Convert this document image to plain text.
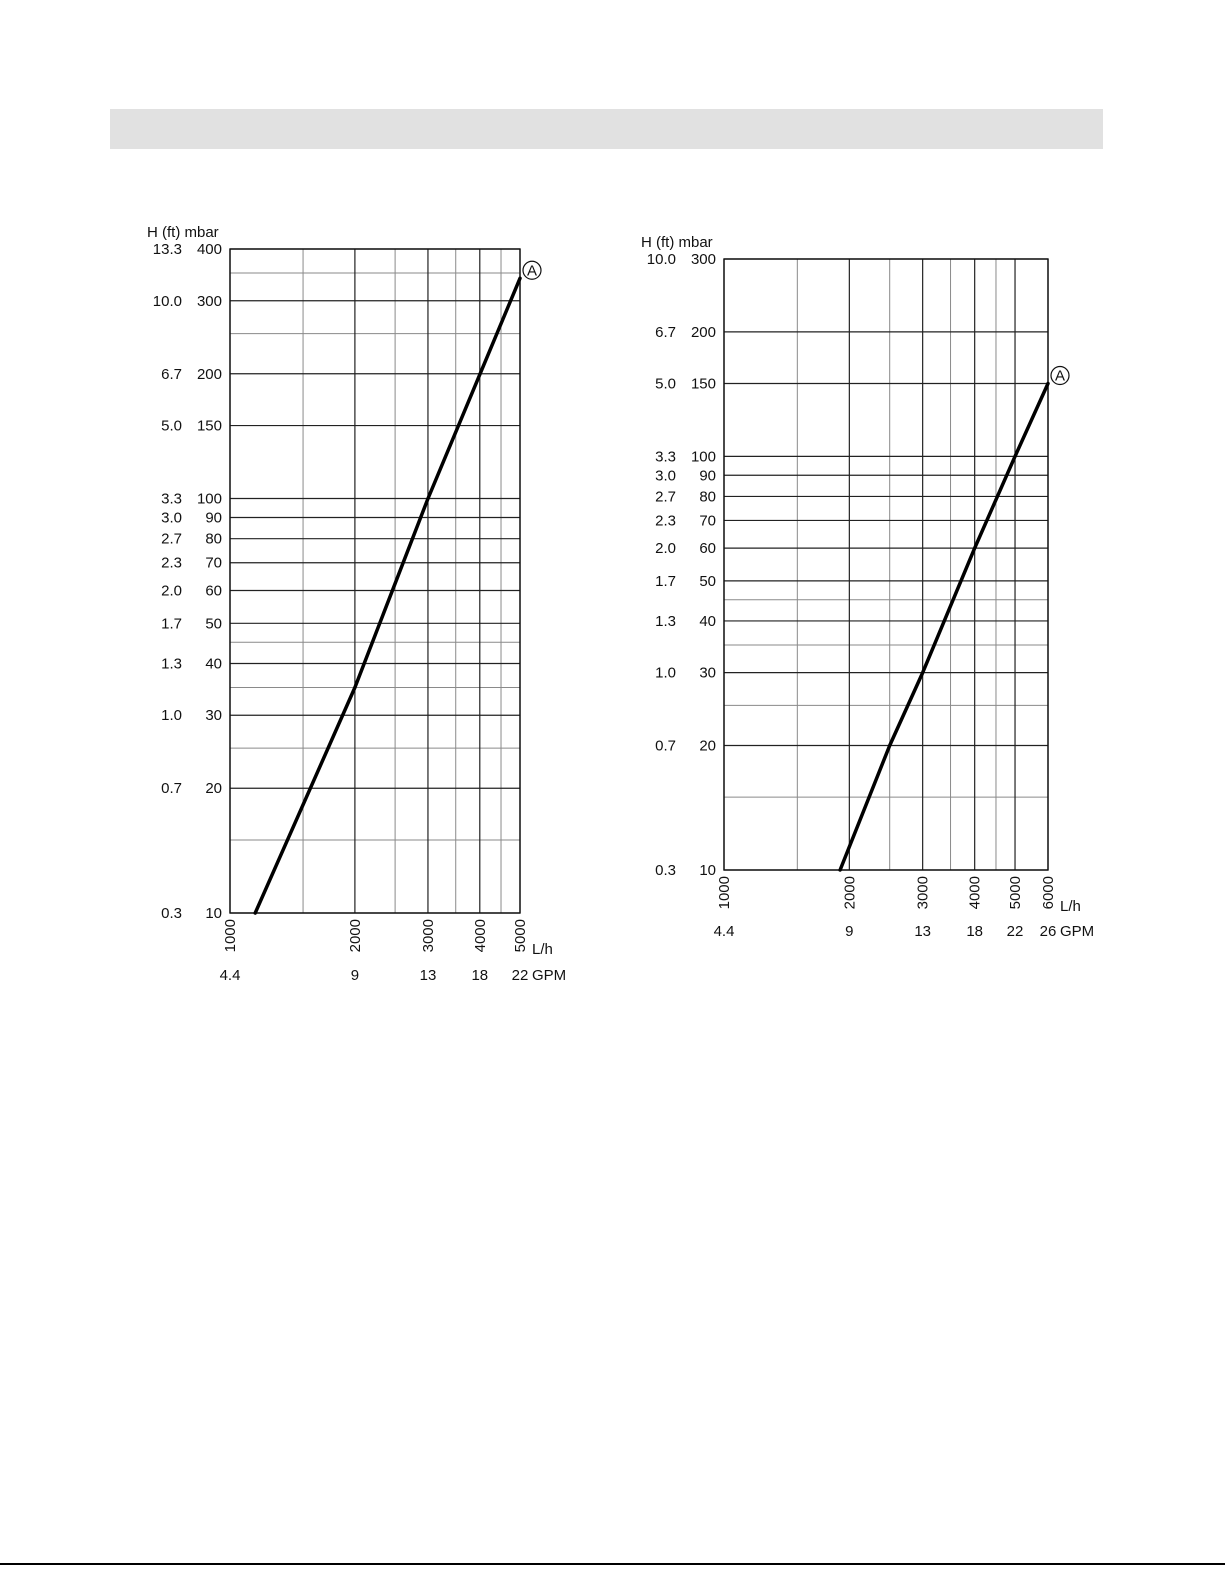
10
0.3
20
0.7
30
1.0
40
1.3
50
1.7
60
2.0
70
2.3
80
2.7
90
3.0
100
3.3
150
5.0
200
6.7
300
10.0
400
13.3
H (ft) mbar
1000
4.4
2000
9
3000
13
4000
18
5000
22
L/h
GPM
A
10
0.3
20
0.7
30
1.0
40
1.3
50
1.7
60
2.0
70
2.3
80
2.7
90
3.0
100
3.3
150
5.0
200
6.7
300
10.0
H (ft) mbar
1000
4.4
2000
9
3000
13
4000
18
5000
22
6000
26
L/h
GPM
A
